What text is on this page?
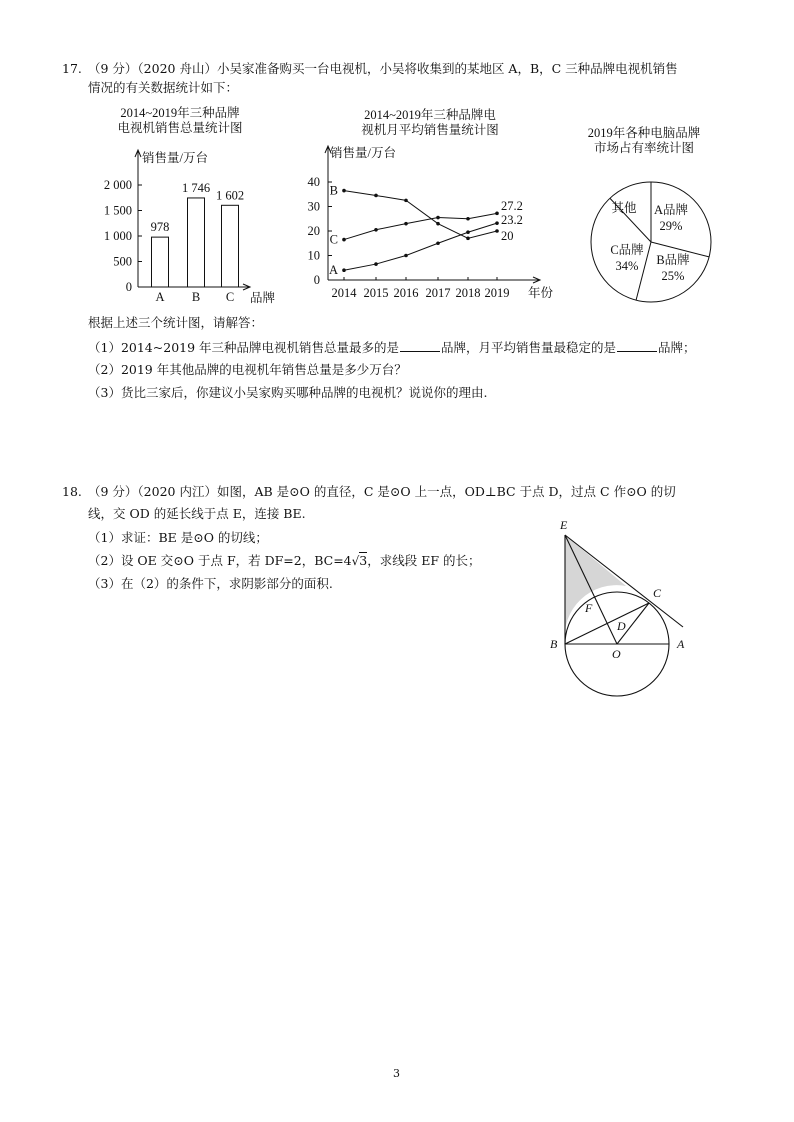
17. （9 分）（2020 舟山）小吴家准备购买一台电视机，小吴将收集到的某地区 A，B，C 三种品牌电视机销售
情况的有关数据统计如下：
2014~2019年三种品牌
电视机销售总量统计图
销售量/万台
品牌
0
500
1 000
1 500
2 000
978
A
1 746
B
1 602
C
2014~2019年三种品牌电
视机月平均销售量统计图
销售量/万台
年份
0
10
20
30
40
2014 2015 2016 2017 2018 2019
A
B
C
27.2
23.2
20
2019年各种电脑品牌
市场占有率统计图
A品牌
29%
B品牌
25%
C品牌
34%
其他
根据上述三个统计图，请解答：
（1）2014~2019 年三种品牌电视机销售总量最多的是	品牌，月平均销售量最稳定的是	品牌；
（2）2019 年其他品牌的电视机年销售总量是多少万台？
（3）货比三家后，你建议小吴家购买哪种品牌的电视机？说说你的理由.
18. （9 分）（2020 内江）如图，AB 是⊙O 的直径，C 是⊙O 上一点，OD⊥BC 于点 D，过点 C 作⊙O 的切
线，交 OD 的延长线于点 E，连接 BE.
（1）求证：BE 是⊙O 的切线；
（2）设 OE 交⊙O 于点 F，若 DF=2，BC=4√3，求线段 EF 的长；
（3）在（2）的条件下，求阴影部分的面积.
E
C
F
D
B
O
A
3
